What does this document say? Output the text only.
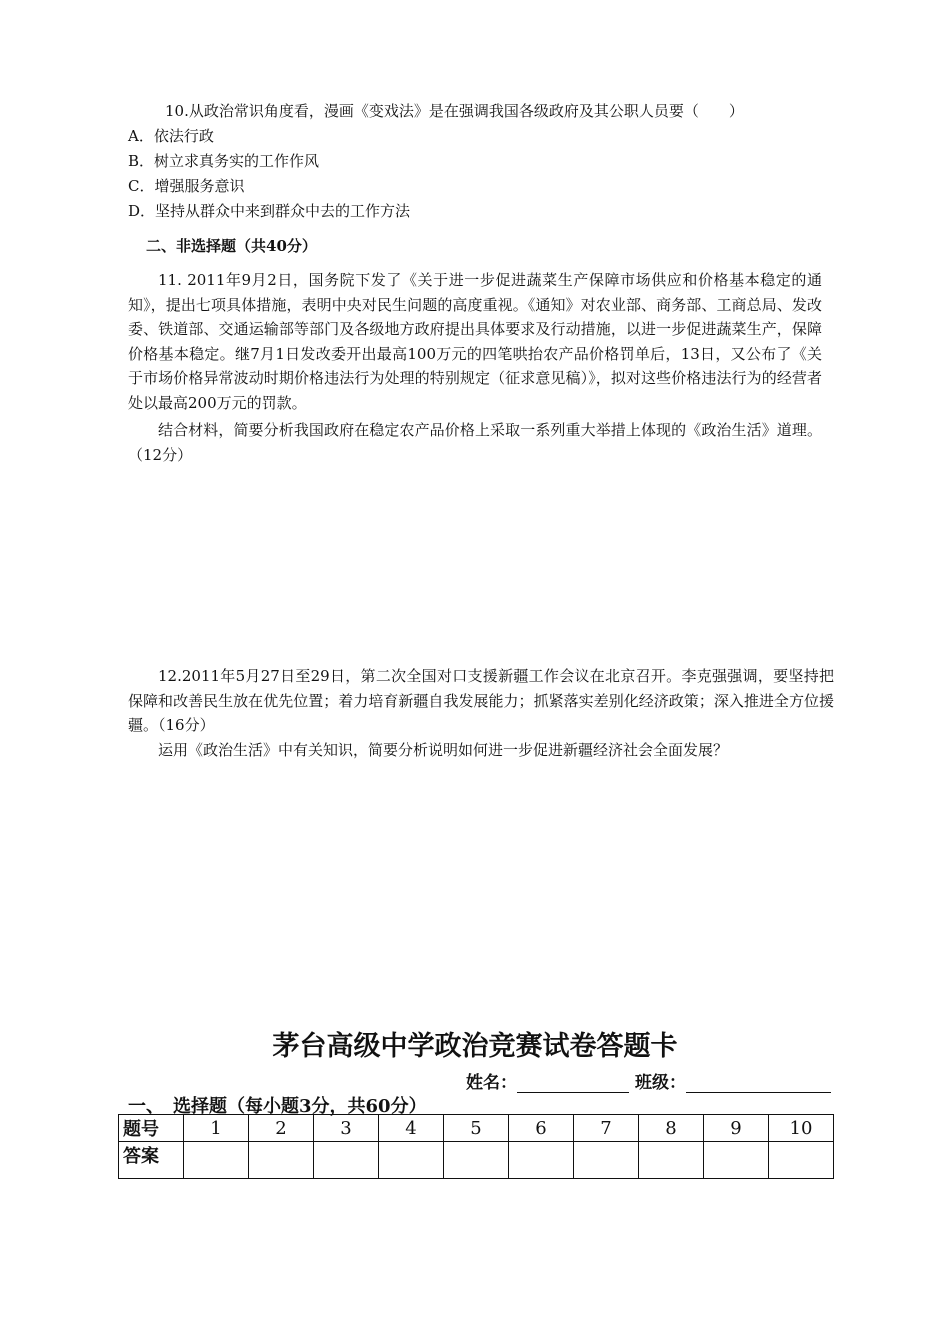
10.从政治常识角度看，漫画《变戏法》是在强调我国各级政府及其公职人员要（　　）
A．依法行政
B．树立求真务实的工作作风
C．增强服务意识
D．坚持从群众中来到群众中去的工作方法
二、非选择题（共40分）
11. 2011年9月2日，国务院下发了《关于进一步促进蔬菜生产保障市场供应和价格基本稳定的通知》，提出七项具体措施，表明中央对民生问题的高度重视。《通知》对农业部、商务部、工商总局、发改委、铁道部、交通运输部等部门及各级地方政府提出具体要求及行动措施，以进一步促进蔬菜生产，保障价格基本稳定。继7月1日发改委开出最高100万元的四笔哄抬农产品价格罚单后，13日，又公布了《关于市场价格异常波动时期价格违法行为处理的特别规定（征求意见稿）》，拟对这些价格违法行为的经营者处以最高200万元的罚款。
结合材料，简要分析我国政府在稳定农产品价格上采取一系列重大举措上体现的《政治生活》道理。（12分）
12.2011年5月27日至29日，第二次全国对口支援新疆工作会议在北京召开。李克强强调，要坚持把保障和改善民生放在优先位置；着力培育新疆自我发展能力；抓紧落实差别化经济政策；深入推进全方位援疆。（16分）
运用《政治生活》中有关知识，简要分析说明如何进一步促进新疆经济社会全面发展？
茅台高级中学政治竞赛试卷答题卡
姓名：	班级：
一、　选择题（每小题3分，共60分）
题号	1	2	3	4	5	6	7	8	9	10
答案										
